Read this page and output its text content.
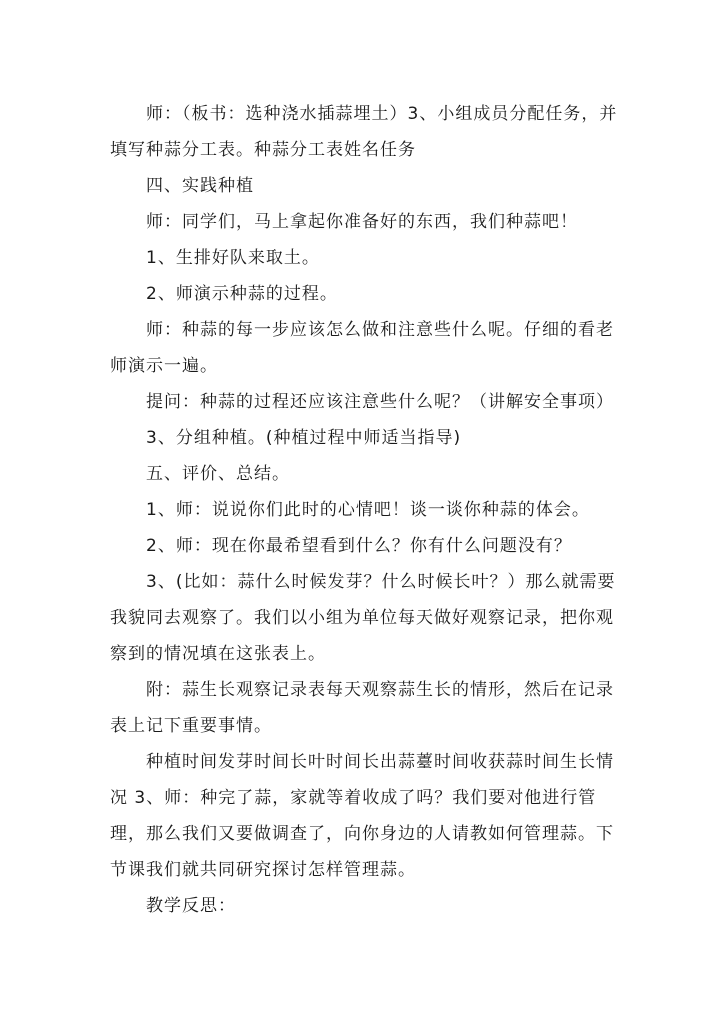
师：（板书：选种浇水插蒜埋土）3、小组成员分配任务，并填写种蒜分工表。种蒜分工表姓名任务

四、实践种植

师：同学们，马上拿起你准备好的东西，我们种蒜吧！

1、生排好队来取土。

2、师演示种蒜的过程。

师：种蒜的每一步应该怎么做和注意些什么呢。仔细的看老师演示一遍。

提问：种蒜的过程还应该注意些什么呢？（讲解安全事项）

3、分组种植。(种植过程中师适当指导)

五、评价、总结。

1、师：说说你们此时的心情吧！谈一谈你种蒜的体会。

2、师：现在你最希望看到什么？你有什么问题没有？

3、(比如：蒜什么时候发芽？什么时候长叶？）那么就需要我貌同去观察了。我们以小组为单位每天做好观察记录，把你观察到的情况填在这张表上。

附：蒜生长观察记录表每天观察蒜生长的情形，然后在记录表上记下重要事情。

种植时间发芽时间长叶时间长出蒜薹时间收获蒜时间生长情况 3、师：种完了蒜，家就等着收成了吗？我们要对他进行管理，那么我们又要做调查了，向你身边的人请教如何管理蒜。下节课我们就共同研究探讨怎样管理蒜。

教学反思：
